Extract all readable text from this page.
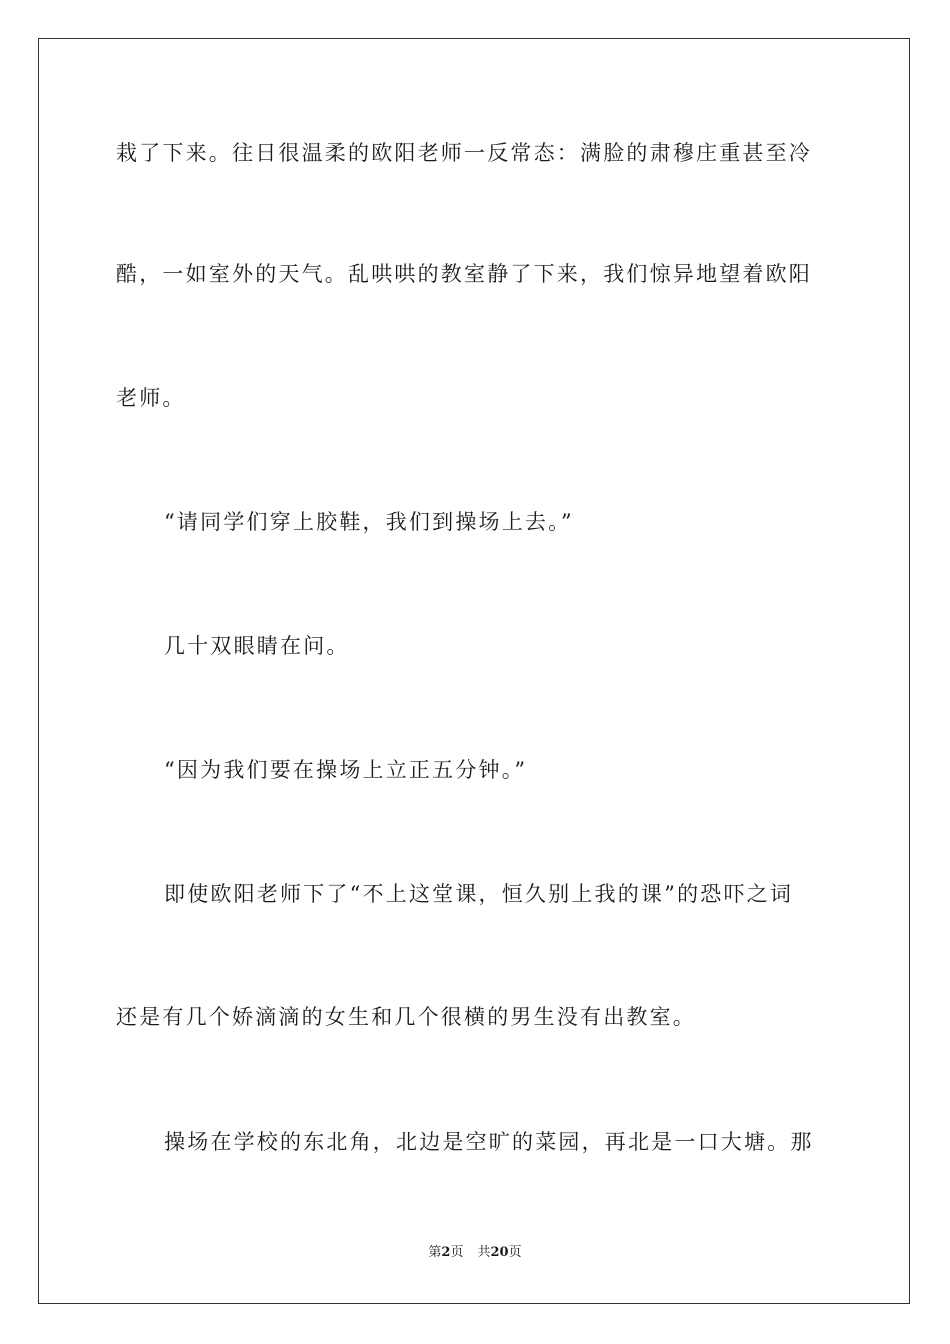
栽了下来。往日很温柔的欧阳老师一反常态：满脸的肃穆庄重甚至冷
酷，一如室外的天气。乱哄哄的教室静了下来，我们惊异地望着欧阳
老师。
“请同学们穿上胶鞋，我们到操场上去。”
几十双眼睛在问。
“因为我们要在操场上立正五分钟。”
即使欧阳老师下了“不上这堂课，恒久别上我的课”的恐吓之词
还是有几个娇滴滴的女生和几个很横的男生没有出教室。
操场在学校的东北角，北边是空旷的菜园，再北是一口大塘。那
第2页 共20页
